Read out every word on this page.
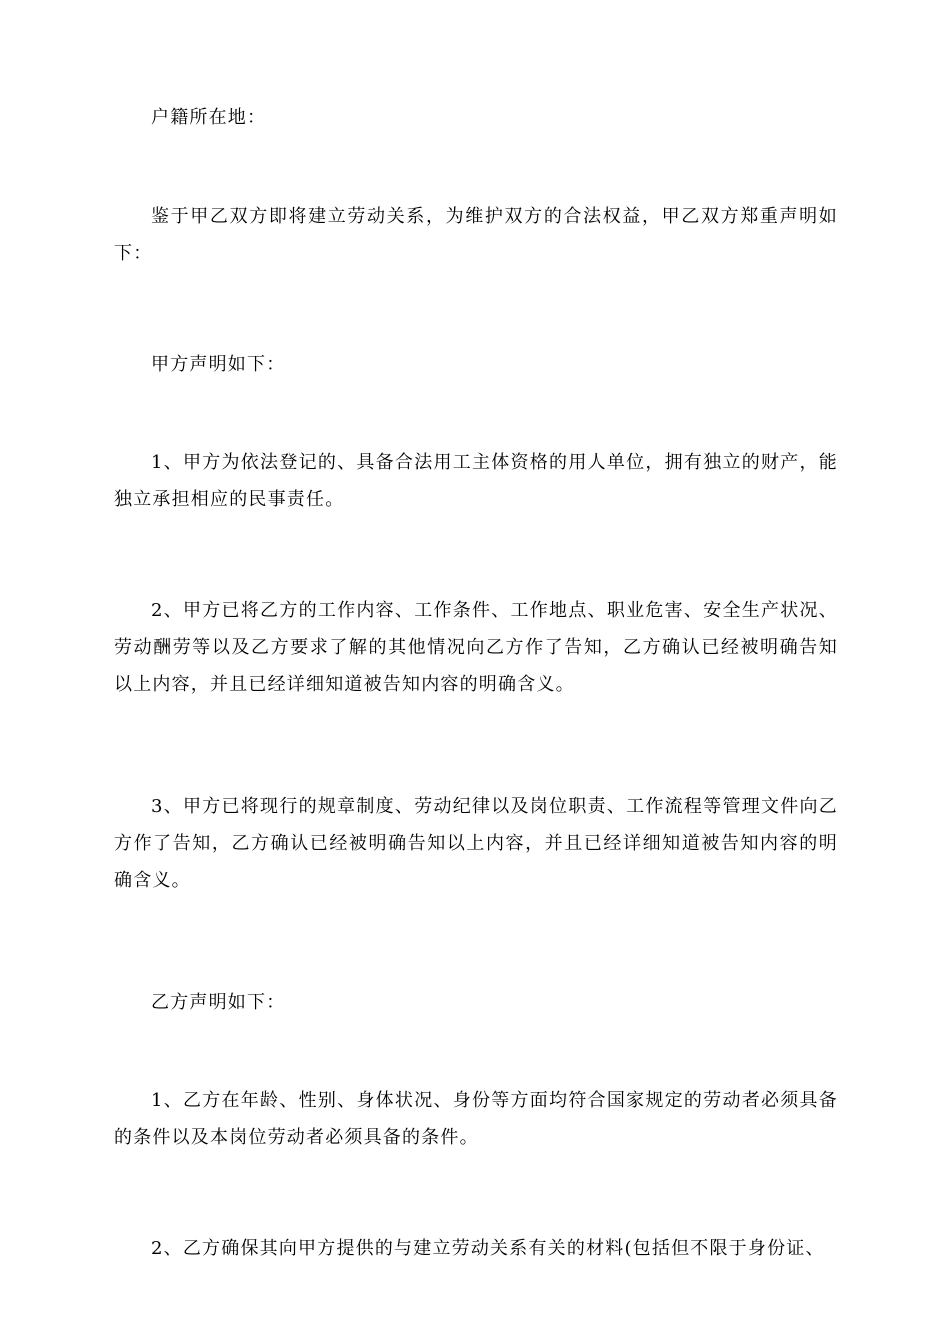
户籍所在地：

鉴于甲乙双方即将建立劳动关系，为维护双方的合法权益，甲乙双方郑重声明如下：

甲方声明如下：

1、甲方为依法登记的、具备合法用工主体资格的用人单位，拥有独立的财产，能独立承担相应的民事责任。

2、甲方已将乙方的工作内容、工作条件、工作地点、职业危害、安全生产状况、劳动酬劳等以及乙方要求了解的其他情况向乙方作了告知，乙方确认已经被明确告知以上内容，并且已经详细知道被告知内容的明确含义。

3、甲方已将现行的规章制度、劳动纪律以及岗位职责、工作流程等管理文件向乙方作了告知，乙方确认已经被明确告知以上内容，并且已经详细知道被告知内容的明确含义。

乙方声明如下：

1、乙方在年龄、性别、身体状况、身份等方面均符合国家规定的劳动者必须具备的条件以及本岗位劳动者必须具备的条件。

2、乙方确保其向甲方提供的与建立劳动关系有关的材料(包括但不限于身份证、
